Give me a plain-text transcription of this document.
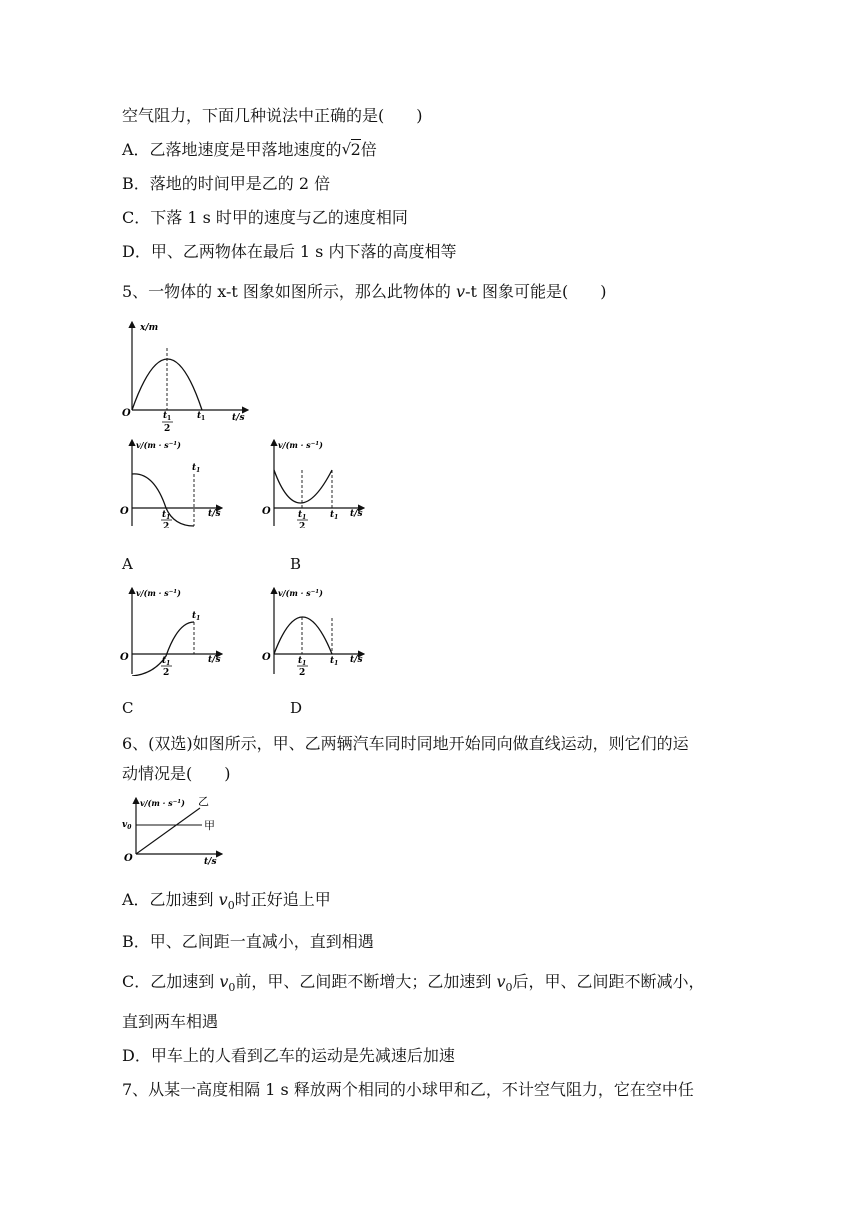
空气阻力，下面几种说法中正确的是(　　)
A．乙落地速度是甲落地速度的√ 2倍
B．落地的时间甲是乙的 2 倍
C．下落 1 s 时甲的速度与乙的速度相同
D．甲、乙两物体在最后 1 s 内下落的高度相等
5、一物体的 x-t 图象如图所示，那么此物体的 v-t 图象可能是(　　)
x/m
t/s
O	t 1
2
t 1
$v/(m \cdot s^{-1})$
O	t/s
$t_1$
2
$t_1$
$v/(m \cdot s^{-1})$
O	t/s
$t_1$
2
$t_1$
A	B
$v/(m \cdot s^{-1})$
O	t/s
$t_1$
2
$t_1$
$v/(m \cdot s^{-1})$
O	t/s
$t_1$
2
$t_1$
C	D
6、(双选)如图所示，甲、乙两辆汽车同时同地开始同向做直线运动，则它们的运
动情况是(　　)
$v/(m \cdot s^{-1})$ 乙
甲
$v_0$
O	t/s
A．乙加速到 $v_0$时正好追上甲
B．甲、乙间距一直减小，直到相遇
C．乙加速到 $v_0$前，甲、乙间距不断增大；乙加速到 $v_0$后，甲、乙间距不断减小，
直到两车相遇
D．甲车上的人看到乙车的运动是先减速后加速
7、从某一高度相隔 1 s 释放两个相同的小球甲和乙，不计空气阻力，它在空中任
